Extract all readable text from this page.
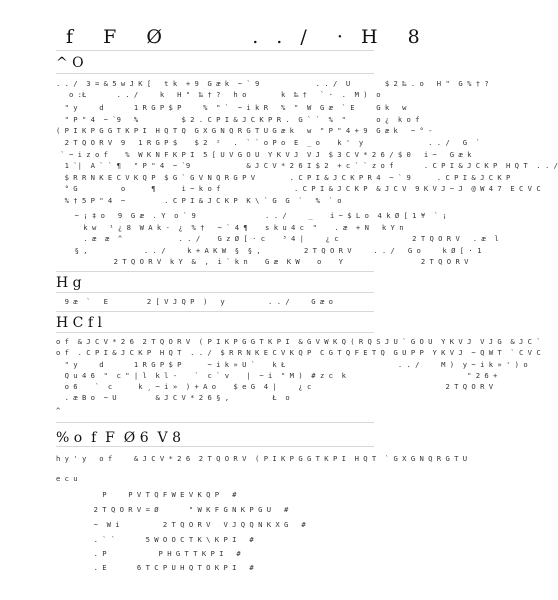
f  F  Ø       . . /  · H  8
^ O
. . /  3 = & 5 w J K [   t k  + 9  G æ k  ~ ` 9             . . /  U        $ 2 ‰ . o   H "  G % † ?
o :Ł       . . /     k   H "  ‰ † ?   h o        k  ‰ †   ` ·  .  M )  o
" y     d       1 R G P $ P     %  " `  ~ i k R   %  "  W  G æ  ` E     G k   w
" P " 4  ~ `9   %          $ 2 . C P I & J C K P R .  G ` `  %  "       o ¿  k o f
( P I K P G G T K P I  H Q T Q  G X G N Q R G T U G æ k   w  " P " 4 + 9  G æ k   ~ ° -
2 T Q O R V  9   1 R G P $    $ 2  ²   .  ` ` o P o  E  _ o    k '  y               . . /   G  `
` ~ i z o f    %  W K N F K P I  5 [ U V G O U  Y K V J  V J  $ 3 C V * 2 6 / $ 0   i ~   G æ k
1 `|  A ` ` ¶   " P " 4  ~ `9             & J C V * 2 6 I $ 2  + c ` ` z o f       . C P I & J C K P  H Q T  . . /
$ R R N K E C V K Q P  $ G ` G V N Q R G P V        . C P I & J C K P R 4  ~ ` 9      . C P I & J C K P
° G          o      ¶      i ~ k o f                 . C P I & J C K P  & J C V  9 K V J ~ J  @ W 4 7  E C V C
% † 5 P " 4  ~         . C P I & J C K P  K \ ` G  G  `   %  ` o
~ ¡ ‡ o   9  G æ  . Y  o ` 9                . . /     _    i ~ $ L o  4 k Ø [ 1 ¥  ` ¡
k w   ¹ ¿ 8  W A k -  ¿  % †   ~ ` 4 ¶    s k u 4 c  "    . æ  + N   k Y n
. æ  æ  ^             . . /    G z Ø [ · c    ³ 4 |     ¿ c                 2 T Q O R V   . æ  l
§ ,             . . /     k + A K W  §  § ,          2 T Q O R V     . . /   G o     k Ø [ · 1
2 T Q O R V  k Y  &  ,  i ` k n    G æ  K W    o    Y                  2 T Q O R V
H g
9 æ  `   E         2 [ V J Q P  )   y          . . /     G æ o
H C f l
o f  & J C V * 2 6  2 T Q O R V  ( P I K P G G T K P I  & G V W K Q ( R Q S J U ` G O U  Y K V J  V J G  & J C `
o f  . C P I & J C K P  H Q T  . . /  $ R R N K E C V K Q P  C G T Q F E T Q  G U P P  Y K V J  ~ Q W T  ` C V C
" y     d       1 R G P $ P      ~ i k » U `    k Ł                          . . /     M )  y ~ i k » ' ) o
Q u 4 6  "  c " | l  k l -    `  c ` v    |  ~ i  " M )  # z c  k                            " 2 6 +
o 6    `  c      k ¸ ~ i »  ) + A o    $ e G  4 |     ¿ c                               2 T Q O R V
. æ B o  ~ U         & J C V * 2 6 § ,          Ł  o
^
% o  f  F  Ø 6  V 8
h y ' y   o f     & J C V * 2 6  2 T Q O R V  ( P I K P G G T K P I  H Q T  ` G X G N Q R G T U
e c u
P     P V T Q F W E V K Q P   #
2 T Q O R V = Ø       " W K F G N K P G U   #
~  W i          2 T Q O R V   V J Q Q N K X G   #
. ` `       5 W O O C T K \ K P I   #
. P            P H G T T K P I   #
. E       6 T C P U H Q T O K P I   #
